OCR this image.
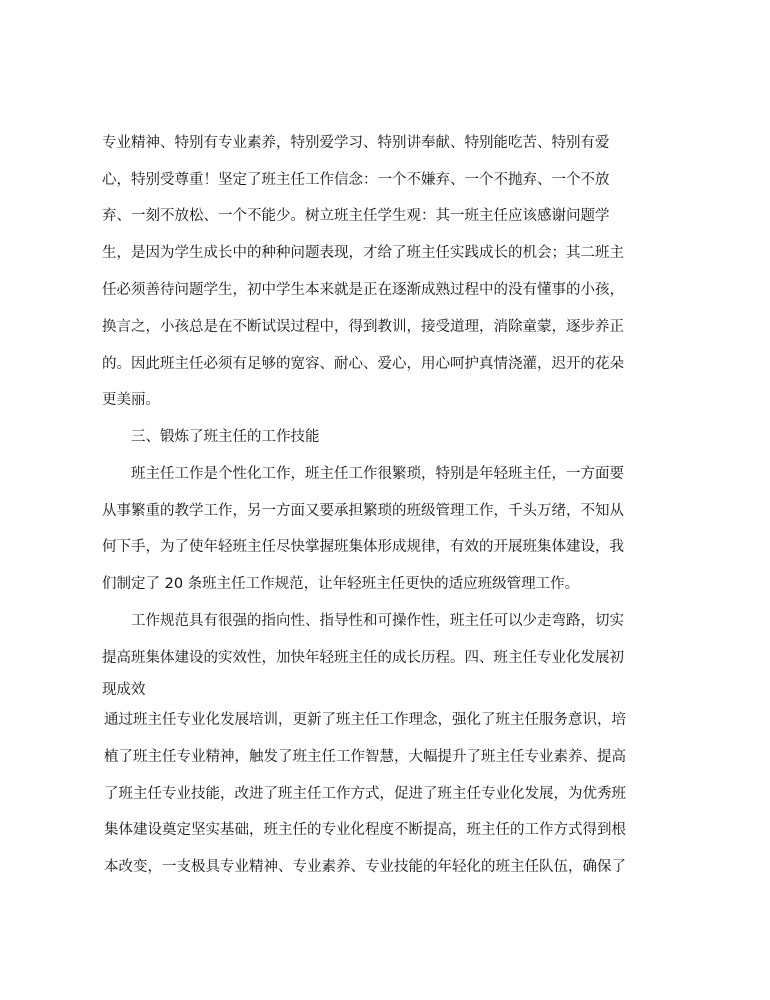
专业精神、特别有专业素养，特别爱学习、特别讲奉献、特别能吃苦、特别有爱
心，特别受尊重！坚定了班主任工作信念：一个不嫌弃、一个不抛弃、一个不放
弃、一刻不放松、一个不能少。树立班主任学生观：其一班主任应该感谢问题学
生，是因为学生成长中的种种问题表现，才给了班主任实践成长的机会；其二班主
任必须善待问题学生，初中学生本来就是正在逐渐成熟过程中的没有懂事的小孩，
换言之，小孩总是在不断试误过程中，得到教训，接受道理，消除童蒙，逐步养正
的。因此班主任必须有足够的宽容、耐心、爱心，用心呵护真情浇灌，迟开的花朵
更美丽。
三、锻炼了班主任的工作技能
班主任工作是个性化工作，班主任工作很繁琐，特别是年轻班主任，一方面要
从事繁重的教学工作，另一方面又要承担繁琐的班级管理工作，千头万绪，不知从
何下手，为了使年轻班主任尽快掌握班集体形成规律，有效的开展班集体建设，我
们制定了 20 条班主任工作规范，让年轻班主任更快的适应班级管理工作。
工作规范具有很强的指向性、指导性和可操作性，班主任可以少走弯路，切实
提高班集体建设的实效性，加快年轻班主任的成长历程。四、班主任专业化发展初
现成效
通过班主任专业化发展培训，更新了班主任工作理念，强化了班主任服务意识，培
植了班主任专业精神，触发了班主任工作智慧，大幅提升了班主任专业素养、提高
了班主任专业技能，改进了班主任工作方式，促进了班主任专业化发展，为优秀班
集体建设奠定坚实基础，班主任的专业化程度不断提高，班主任的工作方式得到根
本改变，一支极具专业精神、专业素养、专业技能的年轻化的班主任队伍，确保了
